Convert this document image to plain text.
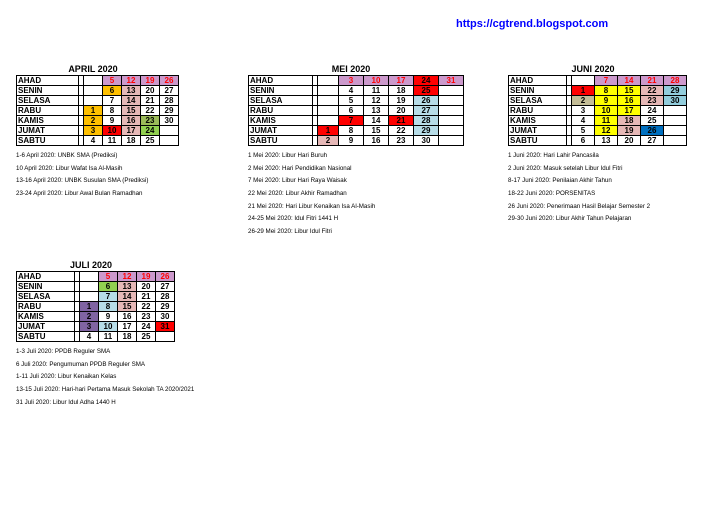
https://cgtrend.blogspot.com
APRIL 2020
AHAD			5	12	19	26
SENIN			6	13	20	27
SELASA			7	14	21	28
RABU		1	8	15	22	29
KAMIS		2	9	16	23	30
JUMAT		3	10	17	24	
SABTU		4	11	18	25	
1-6 April 2020: UNBK SMA (Prediksi)
10 April 2020: Libur Wafat Isa Al-Masih
13-16 April 2020: UNBK Susulan SMA (Prediksi)
23-24 April 2020: Libur Awal Bulan Ramadhan
MEI 2020
AHAD			3	10	17	24	31
SENIN			4	11	18	25	
SELASA			5	12	19	26	
RABU			6	13	20	27	
KAMIS			7	14	21	28	
JUMAT		1	8	15	22	29	
SABTU		2	9	16	23	30	
1 Mei 2020: Libur Hari Buruh
2 Mei 2020: Hari Pendidikan Nasional
7 Mei 2020: Libur Hari Raya Waisak
22 Mei 2020: Libur Akhir Ramadhan
21 Mei 2020: Hari Libur Kenaikan Isa Al-Masih
24-25 Mei 2020: Idul Fitri 1441 H
26-29 Mei 2020: Libur Idul Fitri
JUNI 2020
AHAD			7	14	21	28
SENIN		1	8	15	22	29
SELASA		2	9	16	23	30
RABU		3	10	17	24	
KAMIS		4	11	18	25	
JUMAT		5	12	19	26	
SABTU		6	13	20	27	
1 Juni 2020: Hari Lahir Pancasila
2 Juni 2020: Masuk setelah Libur Idul Fitri
8-17 Juni 2020: Penilaian Akhir Tahun
18-22 Juni 2020: PORSENITAS
26 Juni 2020: Penerimaan Hasil Belajar Semester 2
29-30 Juni 2020: Libur Akhir Tahun Pelajaran
JULI 2020
AHAD			5	12	19	26
SENIN			6	13	20	27
SELASA			7	14	21	28
RABU		1	8	15	22	29
KAMIS		2	9	16	23	30
JUMAT		3	10	17	24	31
SABTU		4	11	18	25	
1-3 Juli 2020: PPDB Reguler SMA
6 Juli 2020: Pengumuman PPDB Reguler SMA
1-11 Juli 2020: Libur Kenaikan Kelas
13-15 Juli 2020: Hari-hari Pertama Masuk Sekolah TA 2020/2021
31 Juli 2020: Libur Idul Adha 1440 H
